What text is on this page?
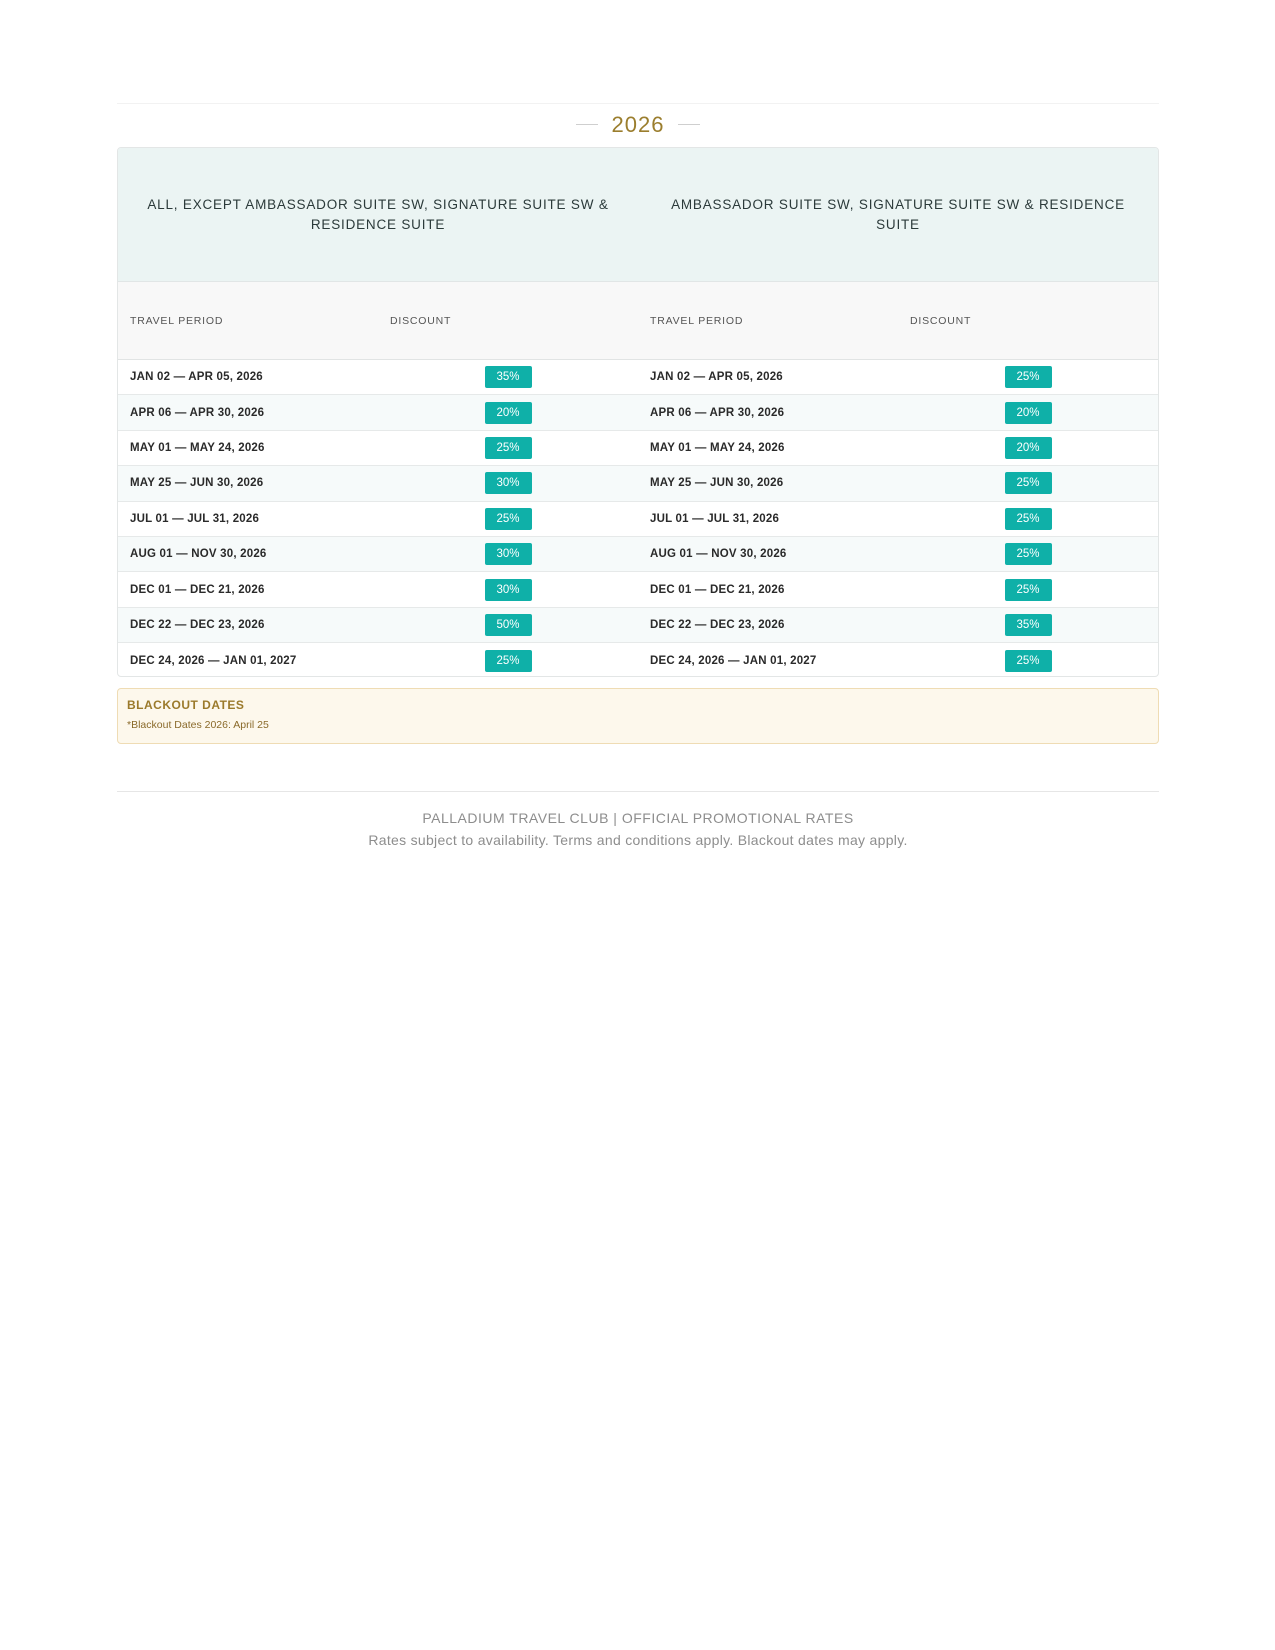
2026
ALL, EXCEPT AMBASSADOR SUITE SW, SIGNATURE SUITE SW & RESIDENCE SUITE
AMBASSADOR SUITE SW, SIGNATURE SUITE SW & RESIDENCE SUITE
TRAVEL PERIOD	DISCOUNT	TRAVEL PERIOD	DISCOUNT
JAN 02 — APR 05, 2026	35%	JAN 02 — APR 05, 2026	25%
APR 06 — APR 30, 2026	20%	APR 06 — APR 30, 2026	20%
MAY 01 — MAY 24, 2026	25%	MAY 01 — MAY 24, 2026	20%
MAY 25 — JUN 30, 2026	30%	MAY 25 — JUN 30, 2026	25%
JUL 01 — JUL 31, 2026	25%	JUL 01 — JUL 31, 2026	25%
AUG 01 — NOV 30, 2026	30%	AUG 01 — NOV 30, 2026	25%
DEC 01 — DEC 21, 2026	30%	DEC 01 — DEC 21, 2026	25%
DEC 22 — DEC 23, 2026	50%	DEC 22 — DEC 23, 2026	35%
DEC 24, 2026 — JAN 01, 2027	25%	DEC 24, 2026 — JAN 01, 2027	25%
BLACKOUT DATES
*Blackout Dates 2026: April 25
PALLADIUM TRAVEL CLUB | OFFICIAL PROMOTIONAL RATES
Rates subject to availability. Terms and conditions apply. Blackout dates may apply.
